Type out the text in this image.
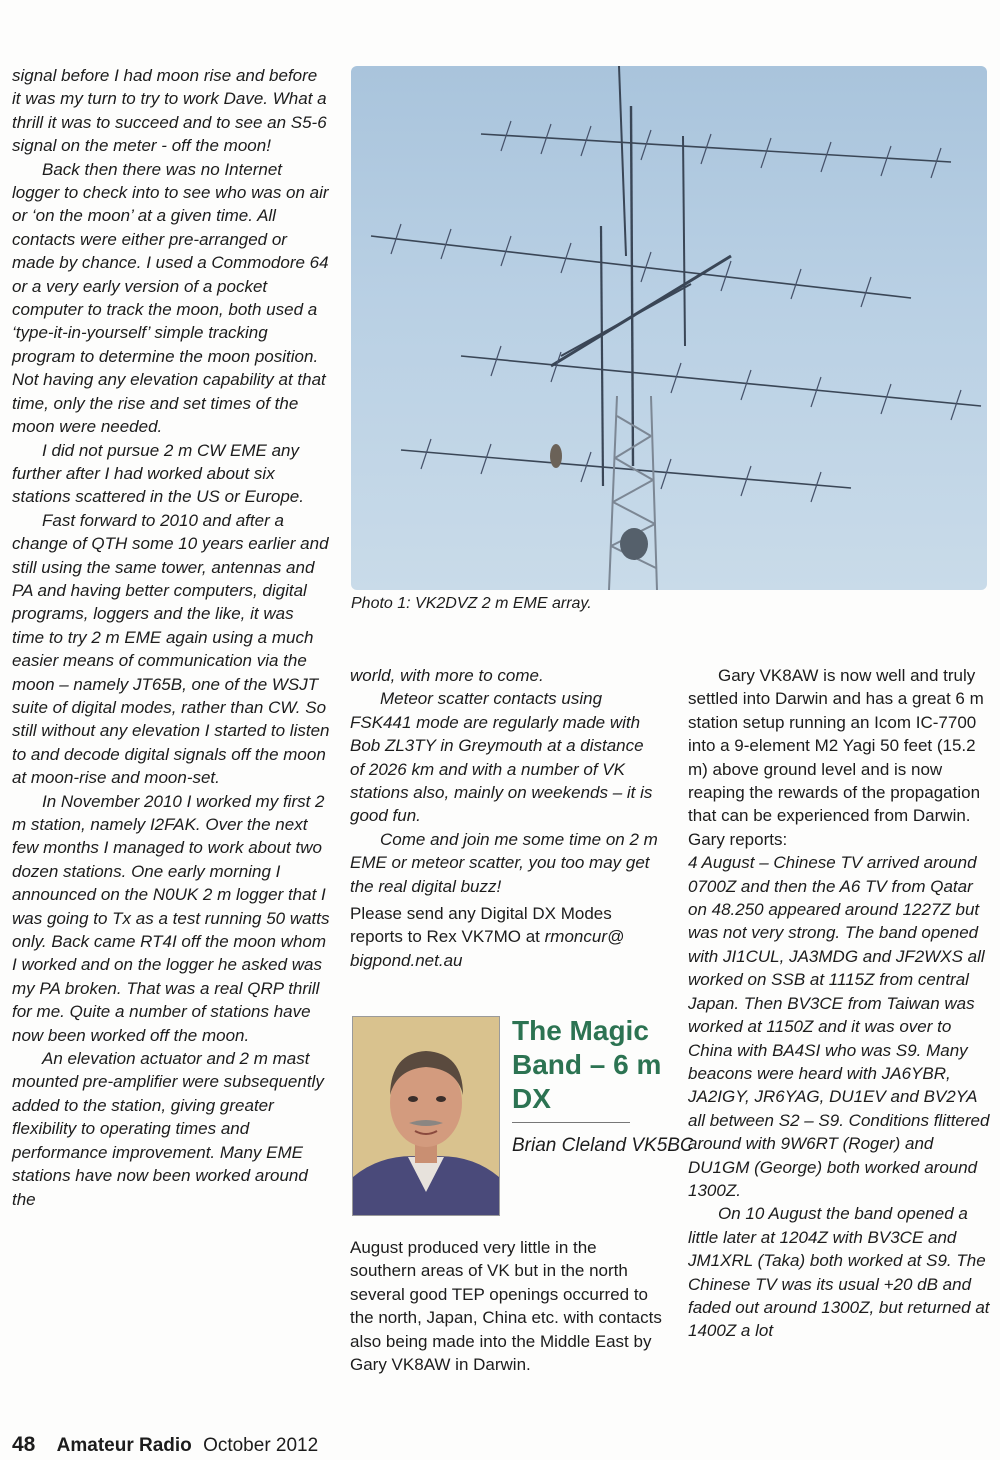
signal before I had moon rise and before it was my turn to try to work Dave. What a thrill it was to succeed and to see an S5-6 signal on the meter - off the moon!

Back then there was no Internet logger to check into to see who was on air or ‘on the moon’ at a given time. All contacts were either pre-arranged or made by chance. I used a Commodore 64 or a very early version of a pocket computer to track the moon, both used a ‘type-it-in-yourself’ simple tracking program to determine the moon position. Not having any elevation capability at that time, only the rise and set times of the moon were needed.

I did not pursue 2 m CW EME any further after I had worked about six stations scattered in the US or Europe.

Fast forward to 2010 and after a change of QTH some 10 years earlier and still using the same tower, antennas and PA and having better computers, digital programs, loggers and the like, it was time to try 2 m EME again using a much easier means of communication via the moon – namely JT65B, one of the WSJT suite of digital modes, rather than CW. So still without any elevation I started to listen to and decode digital signals off the moon at moon-rise and moon-set.

In November 2010 I worked my first 2 m station, namely I2FAK. Over the next few months I managed to work about two dozen stations. One early morning I announced on the N0UK 2 m logger that I was going to Tx as a test running 50 watts only. Back came RT4I off the moon whom I worked and on the logger he asked was my PA broken. That was a real QRP thrill for me. Quite a number of stations have now been worked off the moon.

An elevation actuator and 2 m mast mounted pre-amplifier were subsequently added to the station, giving greater flexibility to operating times and performance improvement. Many EME stations have now been worked around the

Photo 1: VK2DVZ 2 m EME array.

world, with more to come.

Meteor scatter contacts using FSK441 mode are regularly made with Bob ZL3TY in Greymouth at a distance of 2026 km and with a number of VK stations also, mainly on weekends – it is good fun.

Come and join me some time on 2 m EME or meteor scatter, you too may get the real digital buzz!

Please send any Digital DX Modes reports to Rex VK7MO at rmoncur@ bigpond.net.au

The Magic Band – 6 m DX
Brian Cleland VK5BC

August produced very little in the southern areas of VK but in the north several good TEP openings occurred to the north, Japan, China etc. with contacts also being made into the Middle East by Gary VK8AW in Darwin.

Gary VK8AW is now well and truly settled into Darwin and has a great 6 m station setup running an Icom IC-7700 into a 9-element M2 Yagi 50 feet (15.2 m) above ground level and is now reaping the rewards of the propagation that can be experienced from Darwin. Gary reports:

4 August – Chinese TV arrived around 0700Z and then the A6 TV from Qatar on 48.250 appeared around 1227Z but was not very strong. The band opened with JI1CUL, JA3MDG and JF2WXS all worked on SSB at 1115Z from central Japan. Then BV3CE from Taiwan was worked at 1150Z and it was over to China with BA4SI who was S9. Many beacons were heard with JA6YBR, JA2IGY, JR6YAG, DU1EV and BV2YA all between S2 – S9. Conditions flittered around with 9W6RT (Roger) and DU1GM (George) both worked around 1300Z.

On 10 August the band opened a little later at 1204Z with BV3CE and JM1XRL (Taka) both worked at S9. The Chinese TV was its usual +20 dB and faded out around 1300Z, but returned at 1400Z a lot

48 Amateur Radio October 2012
